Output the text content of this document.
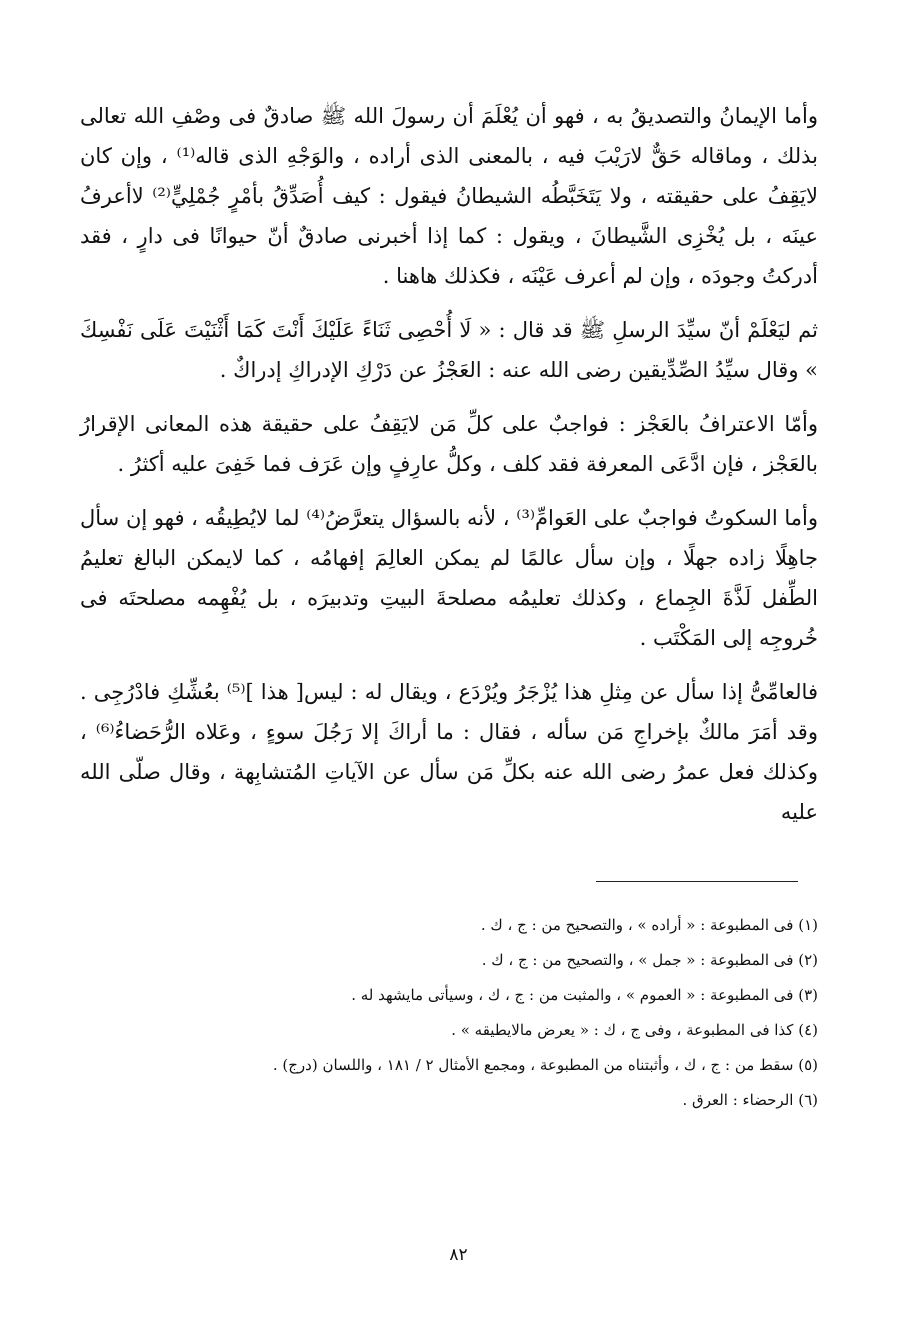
وأما الإيمانُ والتصديقُ به ، فهو أن يُعْلَمَ أن رسولَ الله ﷺ صادقٌ فى وصْفِ الله تعالى بذلك ، وماقاله حَقٌّ لارَيْبَ فيه ، بالمعنى الذى أراده ، والوَجْهِ الذى قاله⁽¹⁾ ، وإن كان لايَقِفُ على حقيقته ، ولا يَتَخَبَّطُه الشيطانُ فيقول : كيف أُصَدِّقُ بأمْرٍ جُمْلِيٍّ⁽²⁾ لاأعرفُ عينَه ، بل يُخْزِى الشَّيطانَ ، ويقول : كما إذا أخبرنى صادقٌ أنّ حيوانًا فى دارٍ ، فقد أدركتُ وجودَه ، وإن لم أعرف عَيْنَه ، فكذلك هاهنا .

ثم ليَعْلَمْ أنّ سيِّدَ الرسلِ ﷺ قد قال : « لَا أُحْصِى ثَنَاءً عَلَيْكَ أَنْتَ كَمَا أَثْنَيْتَ عَلَى نَفْسِكَ » وقال سيِّدُ الصِّدِّيقين رضى الله عنه : العَجْزُ عن دَرْكِ الإدراكِ إدراكٌ .

وأمّا الاعترافُ بالعَجْز : فواجبٌ على كلِّ مَن لايَقِفُ على حقيقة هذه المعانى الإقرارُ بالعَجْز ، فإن ادَّعَى المعرفة فقد كلف ، وكلُّ عارِفٍ وإن عَرَف فما خَفِىَ عليه أكثرُ .

وأما السكوتُ فواجبٌ على العَوامِّ⁽³⁾ ، لأنه بالسؤال يتعرَّضُ⁽⁴⁾ لما لايُطِيقُه ، فهو إن سأل جاهِلًا زاده جهلًا ، وإن سأل عالمًا لم يمكن العالِمَ إفهامُه ، كما لايمكن البالغ تعليمُ الطِّفل لَذَّةَ الجِماع ، وكذلك تعليمُه مصلحةَ البيتِ وتدبيرَه ، بل يُفْهِمه مصلحتَه فى خُروجِه إلى المَكْتَب .

فالعامِّىُّ إذا سأل عن مِثلِ هذا يُزْجَرُ ويُرْدَع ، ويقال له : ليس[ هذا ]⁽⁵⁾ بعُشِّكِ فادْرُجِى . وقد أمَرَ مالكٌ بإخراجِ مَن سأله ، فقال : ما أراكَ إلا رَجُلَ سوءٍ ، وعَلاه الرُّحَضاءُ⁽⁶⁾ ، وكذلك فعل عمرُ رضى الله عنه بكلِّ مَن سأل عن الآياتِ المُتشابِهة ، وقال صلّى الله عليه

(١) فى المطبوعة : « أراده » ، والتصحيح من : ج ، ك .
(٢) فى المطبوعة : « جمل » ، والتصحيح من : ج ، ك .
(٣) فى المطبوعة : « العموم » ، والمثبت من : ج ، ك ، وسيأتى مايشهد له .
(٤) كذا فى المطبوعة ، وفى ج ، ك : « يعرض مالايطيقه » .
(٥) سقط من : ج ، ك ، وأثبتناه من المطبوعة ، ومجمع الأمثال ٢ / ١٨١ ، واللسان (درج) .
(٦) الرحضاء : العرق .
٨٢
